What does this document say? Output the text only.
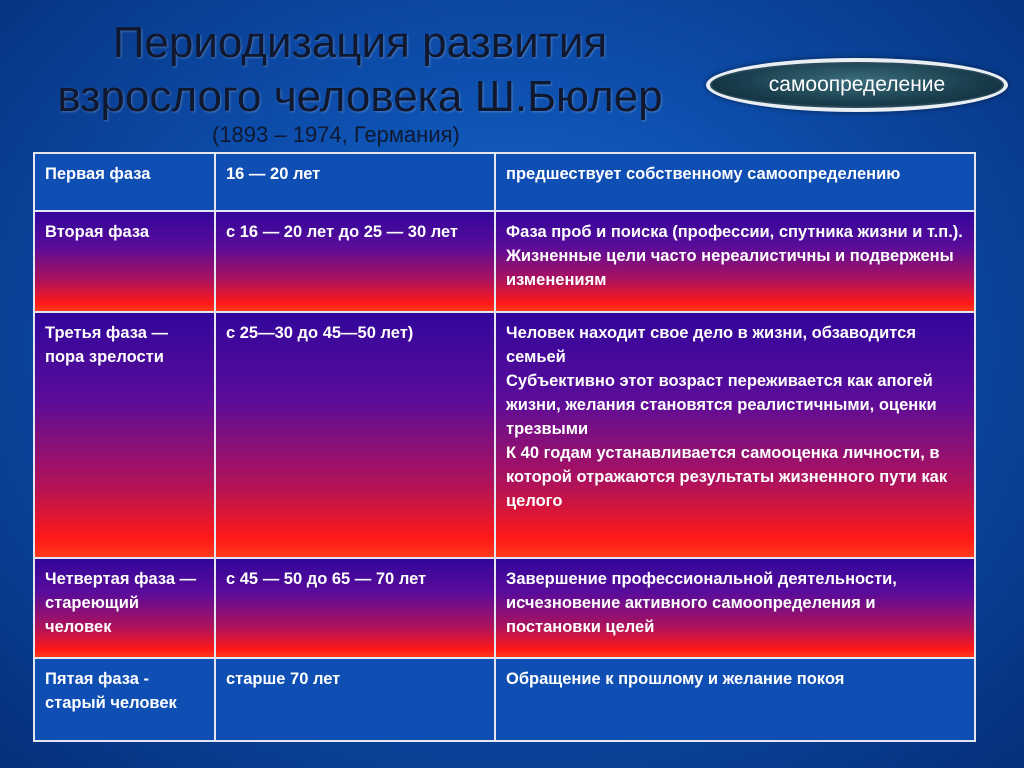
Периодизация развития
взрослого человека Ш.Бюлер
(1893 – 1974, Германия)
самоопределение
Первая фаза	16 — 20 лет	предшествует собственному самоопределению

Вторая фаза	с 16 — 20 лет до 25 — 30 лет	Фаза проб и поиска (профессии, спутника жизни и т.п.). Жизненные цели часто нереалистичны и подвержены изменениям

Третья фаза — пора зрелости	с 25—30 до 45—50 лет)	Человек находит свое дело в жизни, обзаводится семьей
Субъективно этот возраст переживается как апогей жизни, желания становятся реалистичными, оценки трезвыми
К 40 годам устанавливается самооценка личности, в которой отражаются результаты жизненного пути как целого

Четвертая фаза — стареющий человек	с 45 — 50 до 65 — 70 лет	Завершение профессиональной деятельности, исчезновение активного самоопределения и постановки целей

Пятая фаза - старый человек	старше 70 лет	Обращение к прошлому и желание покоя
